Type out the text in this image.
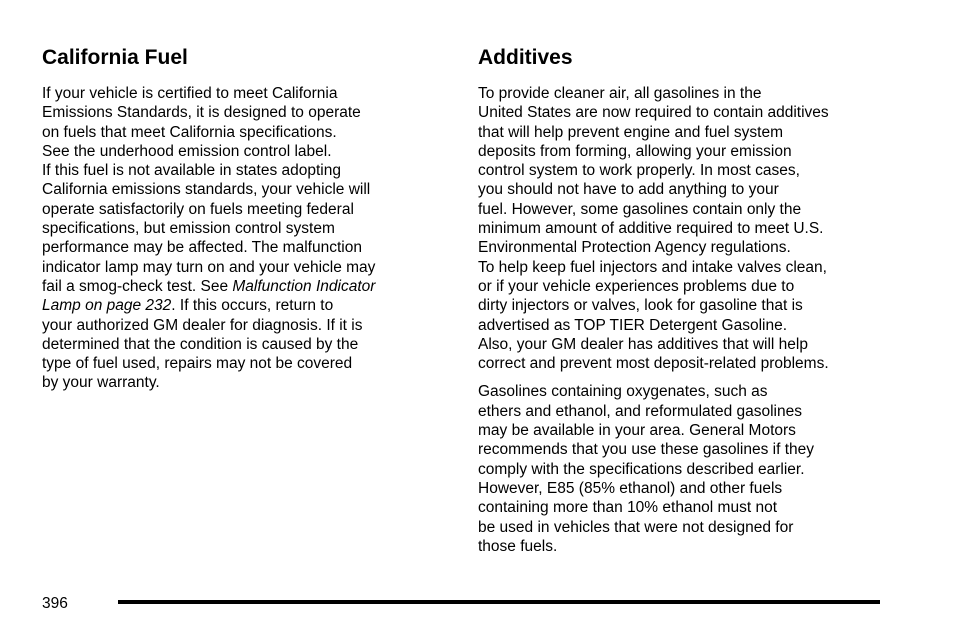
California Fuel

If your vehicle is certified to meet California
Emissions Standards, it is designed to operate
on fuels that meet California specifications.
See the underhood emission control label.
If this fuel is not available in states adopting
California emissions standards, your vehicle will
operate satisfactorily on fuels meeting federal
specifications, but emission control system
performance may be affected. The malfunction
indicator lamp may turn on and your vehicle may
fail a smog-check test. See Malfunction Indicator
Lamp on page 232. If this occurs, return to
your authorized GM dealer for diagnosis. If it is
determined that the condition is caused by the
type of fuel used, repairs may not be covered
by your warranty.

Additives

To provide cleaner air, all gasolines in the
United States are now required to contain additives
that will help prevent engine and fuel system
deposits from forming, allowing your emission
control system to work properly. In most cases,
you should not have to add anything to your
fuel. However, some gasolines contain only the
minimum amount of additive required to meet U.S.
Environmental Protection Agency regulations.
To help keep fuel injectors and intake valves clean,
or if your vehicle experiences problems due to
dirty injectors or valves, look for gasoline that is
advertised as TOP TIER Detergent Gasoline.
Also, your GM dealer has additives that will help
correct and prevent most deposit-related problems.

Gasolines containing oxygenates, such as
ethers and ethanol, and reformulated gasolines
may be available in your area. General Motors
recommends that you use these gasolines if they
comply with the specifications described earlier.
However, E85 (85% ethanol) and other fuels
containing more than 10% ethanol must not
be used in vehicles that were not designed for
those fuels.

396
